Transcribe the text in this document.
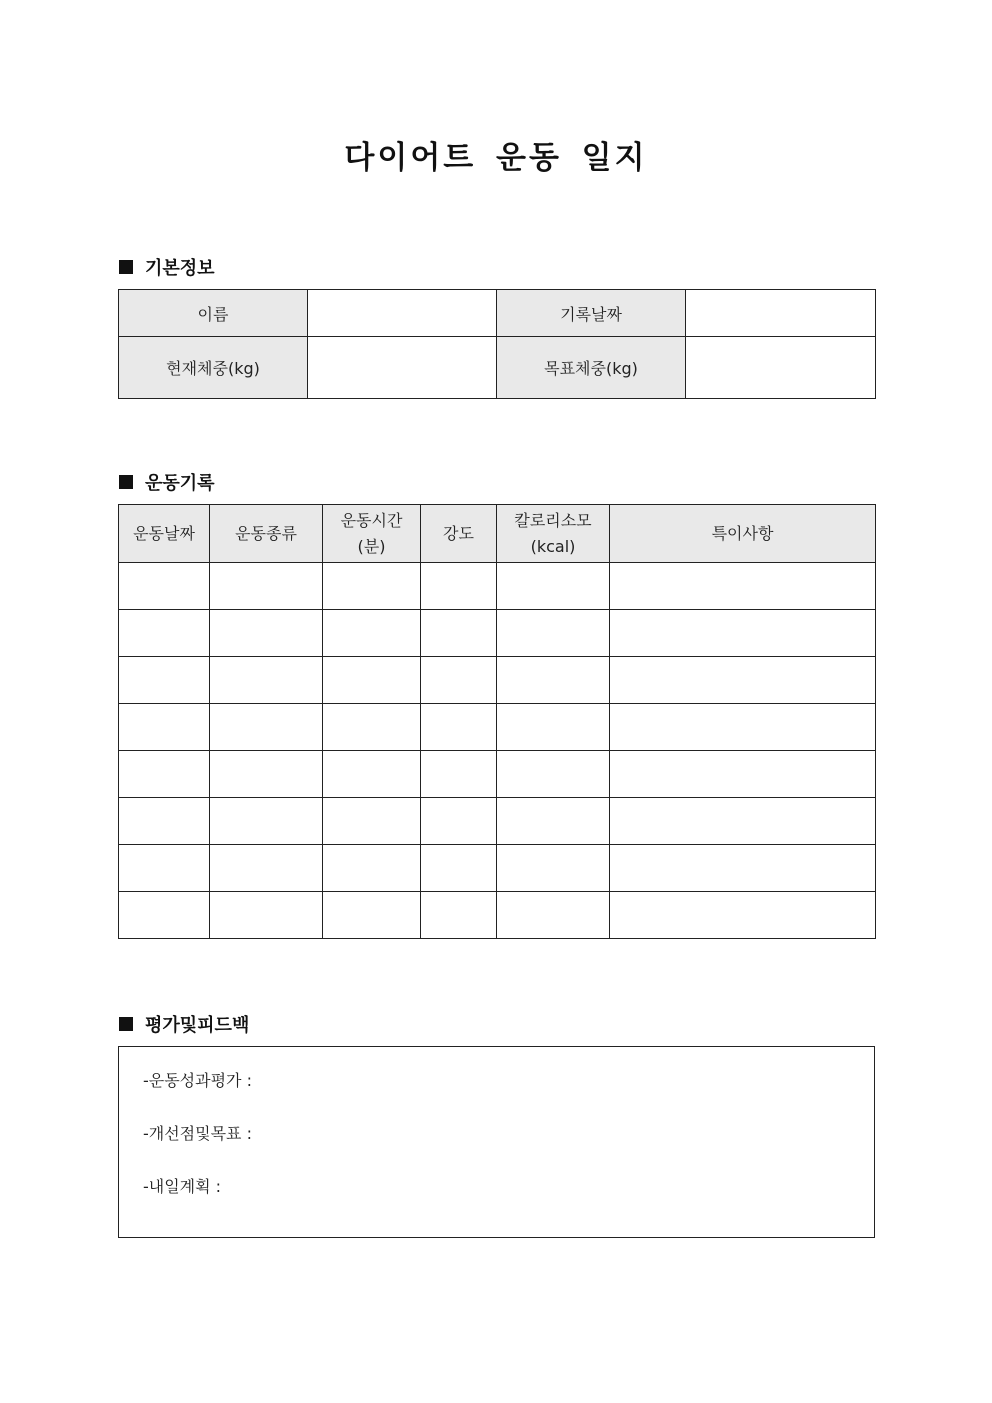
다이어트 운동 일지
기본정보
이름		기록날짜	
현재체중(kg)		목표체중(kg)	
운동기록
운동날짜	운동종류	운동시간(분)	강도	칼로리소모(kcal)	특이사항

평가및피드백
-운동성과평가 :
-개선점및목표 :
-내일계획 :
